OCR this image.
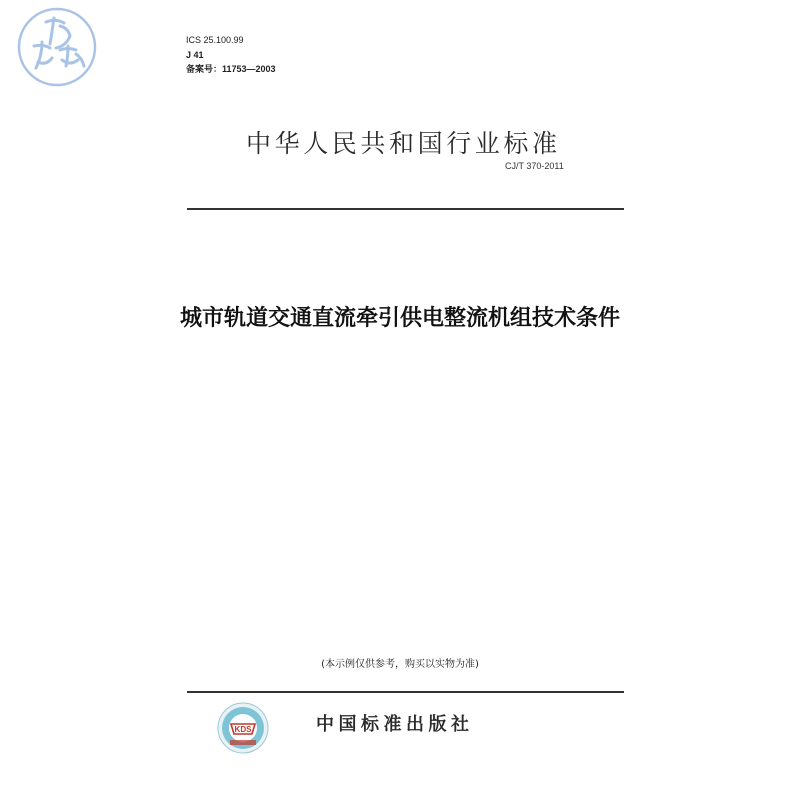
ICS 25.100.99
J 41
备案号：11753—2003
中华人民共和国行业标准
CJ/T 370-2011
城市轨道交通直流牵引供电整流机组技术条件
(本示例仅供参考，购买以实物为准)
KDS	中国标准出版社
